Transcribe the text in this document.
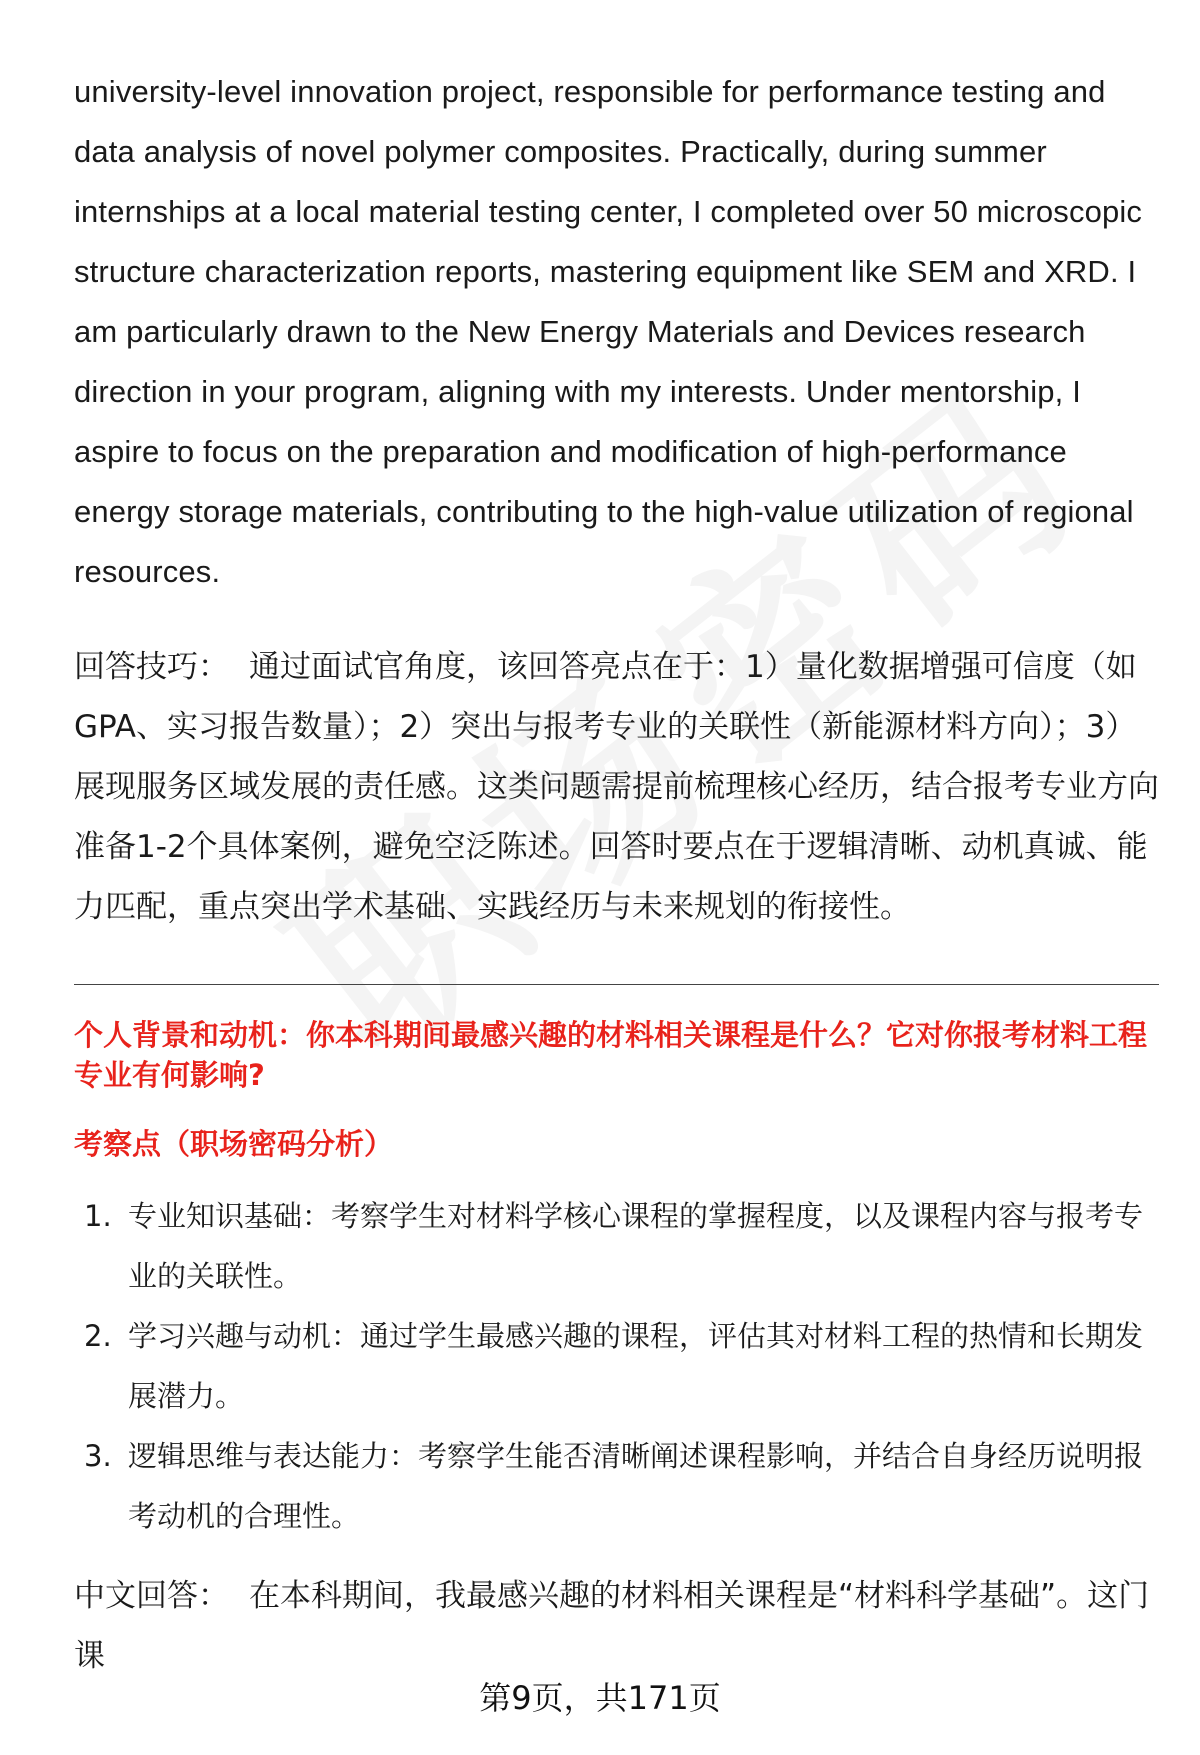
university-level innovation project, responsible for performance testing and data analysis of novel polymer composites. Practically, during summer internships at a local material testing center, I completed over 50 microscopic structure characterization reports, mastering equipment like SEM and XRD. I am particularly drawn to the New Energy Materials and Devices research direction in your program, aligning with my interests. Under mentorship, I aspire to focus on the preparation and modification of high-performance energy storage materials, contributing to the high-value utilization of regional resources.

回答技巧： 通过面试官角度，该回答亮点在于：1）量化数据增强可信度（如GPA、实习报告数量）；2）突出与报考专业的关联性（新能源材料方向）；3）展现服务区域发展的责任感。这类问题需提前梳理核心经历，结合报考专业方向准备1-2个具体案例，避免空泛陈述。回答时要点在于逻辑清晰、动机真诚、能力匹配，重点突出学术基础、实践经历与未来规划的衔接性。

个人背景和动机：你本科期间最感兴趣的材料相关课程是什么？它对你报考材料工程专业有何影响?

考察点（职场密码分析）

1. 专业知识基础：考察学生对材料学核心课程的掌握程度，以及课程内容与报考专业的关联性。
2. 学习兴趣与动机：通过学生最感兴趣的课程，评估其对材料工程的热情和长期发展潜力。
3. 逻辑思维与表达能力：考察学生能否清晰阐述课程影响，并结合自身经历说明报考动机的合理性。

中文回答： 在本科期间，我最感兴趣的材料相关课程是“材料科学基础”。这门课

第9页，共171页
